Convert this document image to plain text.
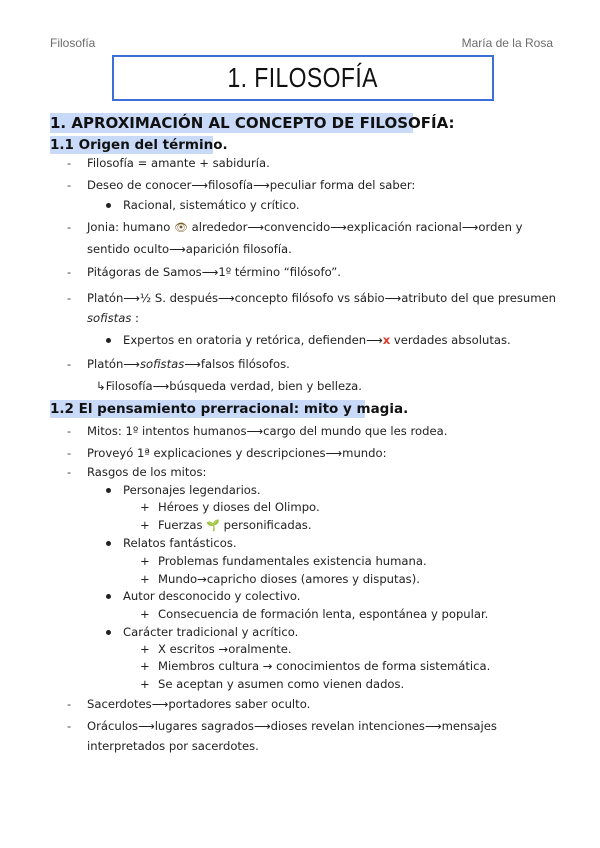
Filosofía	María de la Rosa
1. FILOSOFÍA
1. APROXIMACIÓN AL CONCEPTO DE FILOSOFÍA:
1.1 Origen del término.
- Filosofía = amante + sabiduría.
- Deseo de conocer⟶filosofía⟶peculiar forma del saber:
Racional, sistemático y crítico.
- Jonia: humano 👁 alrededor⟶convencido⟶explicación racional⟶orden y
sentido oculto⟶aparición filosofía.
- Pitágoras de Samos⟶1º término “filósofo”.
- Platón⟶½ S. después⟶concepto filósofo vs sábio⟶atributo del que presumen
sofistas :
Expertos en oratoria y retórica, defienden⟶x verdades absolutas.
- Platón⟶sofistas⟶falsos filósofos.
↳Filosofía⟶búsqueda verdad, bien y belleza.
1.2 El pensamiento prerracional: mito y magia.
- Mitos: 1º intentos humanos⟶cargo del mundo que les rodea.
- Proveyó 1ª explicaciones y descripciones⟶mundo:
- Rasgos de los mitos:
Personajes legendarios.
+ Héroes y dioses del Olimpo.
+ Fuerzas 🌱 personificadas.
Relatos fantásticos.
+ Problemas fundamentales existencia humana.
+ Mundo→capricho dioses (amores y disputas).
Autor desconocido y colectivo.
+ Consecuencia de formación lenta, espontánea y popular.
Carácter tradicional y acrítico.
+ X escritos →oralmente.
+ Miembros cultura → conocimientos de forma sistemática.
+ Se aceptan y asumen como vienen dados.
- Sacerdotes⟶portadores saber oculto.
- Oráculos⟶lugares sagrados⟶dioses revelan intenciones⟶mensajes
interpretados por sacerdotes.
